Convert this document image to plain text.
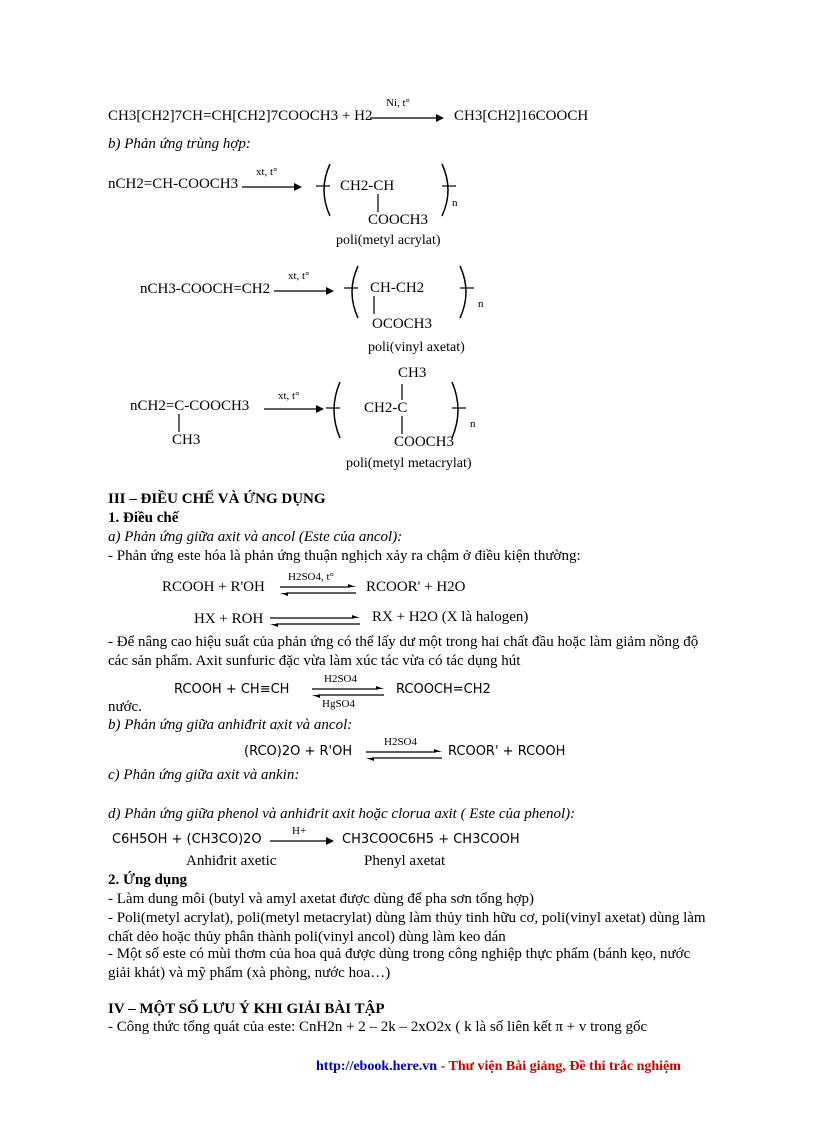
CH3[CH2]7CH=CH[CH2]7COOCH3 + H2
Ni, t°
CH3[CH2]16COOCH
b) Phản ứng trùng hợp:
nCH2=CH-COOCH3
xt, t°
CH2-CH
COOCH3
n
poli(metyl acrylat)
nCH3-COOCH=CH2
xt, t°
CH-CH2
OCOCH3
n
poli(vinyl axetat)
nCH2=C-COOCH3
CH3
xt, t°
CH3
CH2-C
COOCH3
n
poli(metyl metacrylat)
III – ĐIỀU CHẾ VÀ ỨNG DỤNG
1. Điều chế
a) Phản ứng giữa axit và ancol (Este của ancol):
- Phản ứng este hóa là phản ứng thuận nghịch xảy ra chậm ở điều kiện thường:
RCOOH + R'OH
H2SO4, t°
RCOOR' + H2O
HX + ROH	RX + H2O (X là halogen)
- Để nâng cao hiệu suất của phản ứng có thể lấy dư một trong hai chất đầu hoặc làm giảm nồng độ
các sản phẩm. Axit sunfuric đặc vừa làm xúc tác vừa có tác dụng hút
RCOOH + CH≡CH
H2SO4
HgSO4
RCOOCH=CH2
nước.
b) Phản ứng giữa anhiđrit axit và ancol:
(RCO)2O + R'OH
H2SO4
RCOOR' + RCOOH
c) Phản ứng giữa axit và ankin:
d) Phản ứng giữa phenol và anhiđrit axit hoặc clorua axit ( Este của phenol):
C6H5OH + (CH3CO)2O
H+
CH3COOC6H5 + CH3COOH
Anhiđrit axetic	Phenyl axetat
2. Ứng dụng
- Làm dung môi (butyl và amyl axetat được dùng để pha sơn tổng hợp)
- Poli(metyl acrylat), poli(metyl metacrylat) dùng làm thủy tinh hữu cơ, poli(vinyl axetat) dùng làm
chất dẻo hoặc thủy phân thành poli(vinyl ancol) dùng làm keo dán
- Một số este có mùi thơm của hoa quả được dùng trong công nghiệp thực phẩm (bánh kẹo, nước
giải khát) và mỹ phẩm (xà phòng, nước hoa…)
IV – MỘT SỐ LƯU Ý KHI GIẢI BÀI TẬP
- Công thức tổng quát của este: CnH2n + 2 – 2k – 2xO2x ( k là số liên kết π + v trong gốc
http://ebook.here.vn - Thư viện Bài giảng, Đề thi trắc nghiệm
